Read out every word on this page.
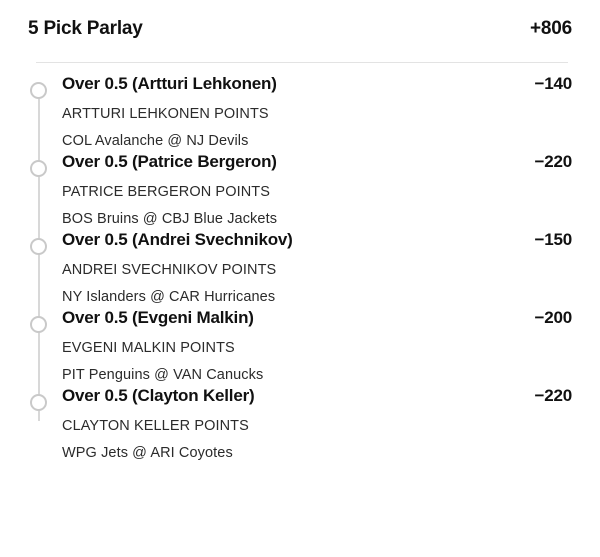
5 Pick Parlay	+806
Over 0.5 (Artturi Lehkonen)	−140
ARTTURI LEHKONEN POINTS
COL Avalanche @ NJ Devils
Over 0.5 (Patrice Bergeron)	−220
PATRICE BERGERON POINTS
BOS Bruins @ CBJ Blue Jackets
Over 0.5 (Andrei Svechnikov)	−150
ANDREI SVECHNIKOV POINTS
NY Islanders @ CAR Hurricanes
Over 0.5 (Evgeni Malkin)	−200
EVGENI MALKIN POINTS
PIT Penguins @ VAN Canucks
Over 0.5 (Clayton Keller)	−220
CLAYTON KELLER POINTS
WPG Jets @ ARI Coyotes
